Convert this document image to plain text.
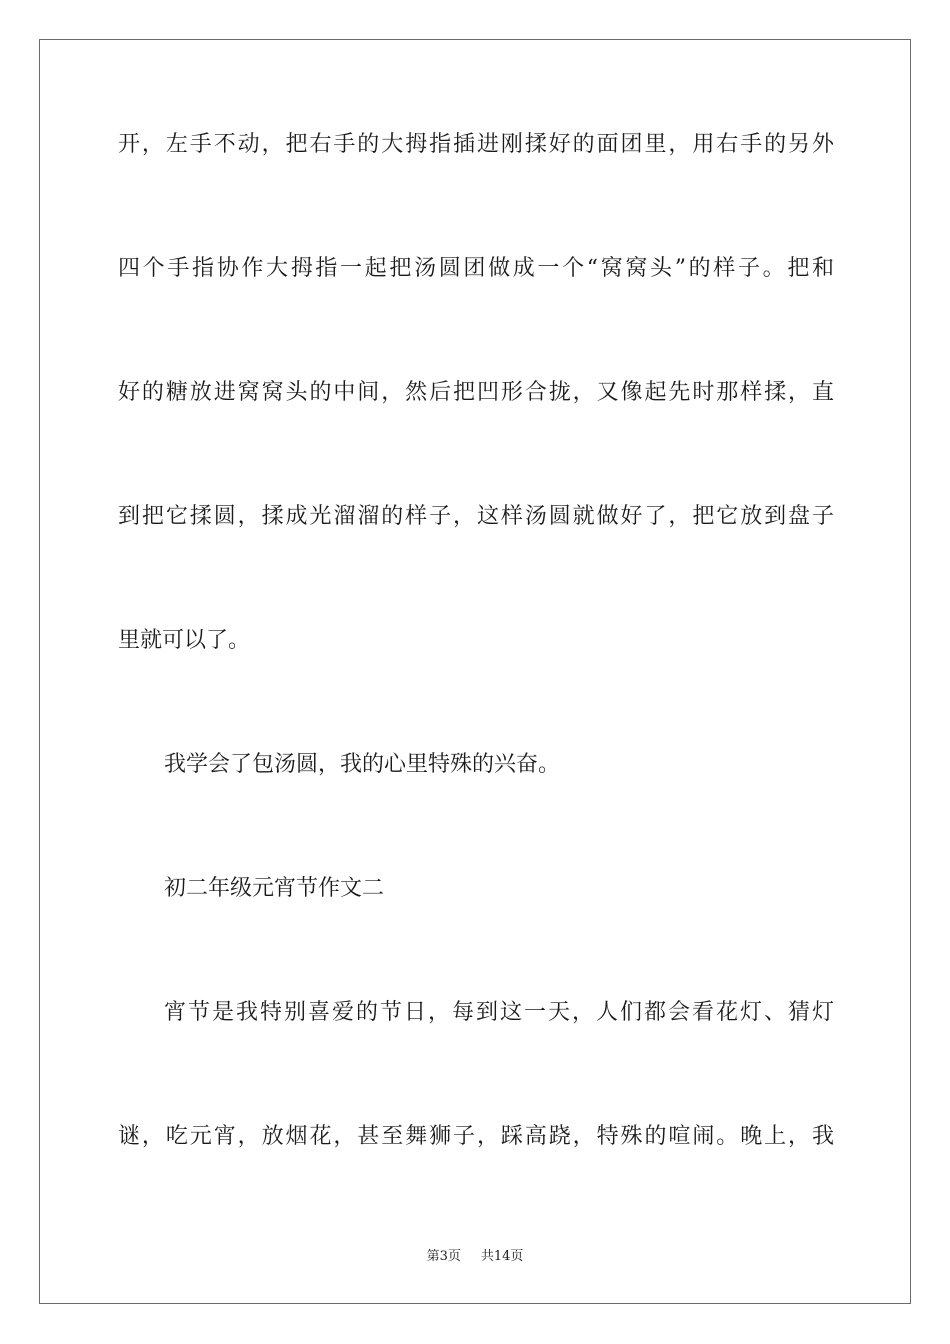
开，左手不动，把右手的大拇指插进刚揉好的面团里，用右手的另外
四个手指协作大拇指一起把汤圆团做成一个“窝窝头”的样子。把和
好的糖放进窝窝头的中间，然后把凹形合拢，又像起先时那样揉，直
到把它揉圆，揉成光溜溜的样子，这样汤圆就做好了，把它放到盘子
里就可以了。
我学会了包汤圆，我的心里特殊的兴奋。
初二年级元宵节作文二
宵节是我特别喜爱的节日，每到这一天，人们都会看花灯、猜灯
谜，吃元宵，放烟花，甚至舞狮子，踩高跷，特殊的喧闹。晚上，我
第3页 共14页
